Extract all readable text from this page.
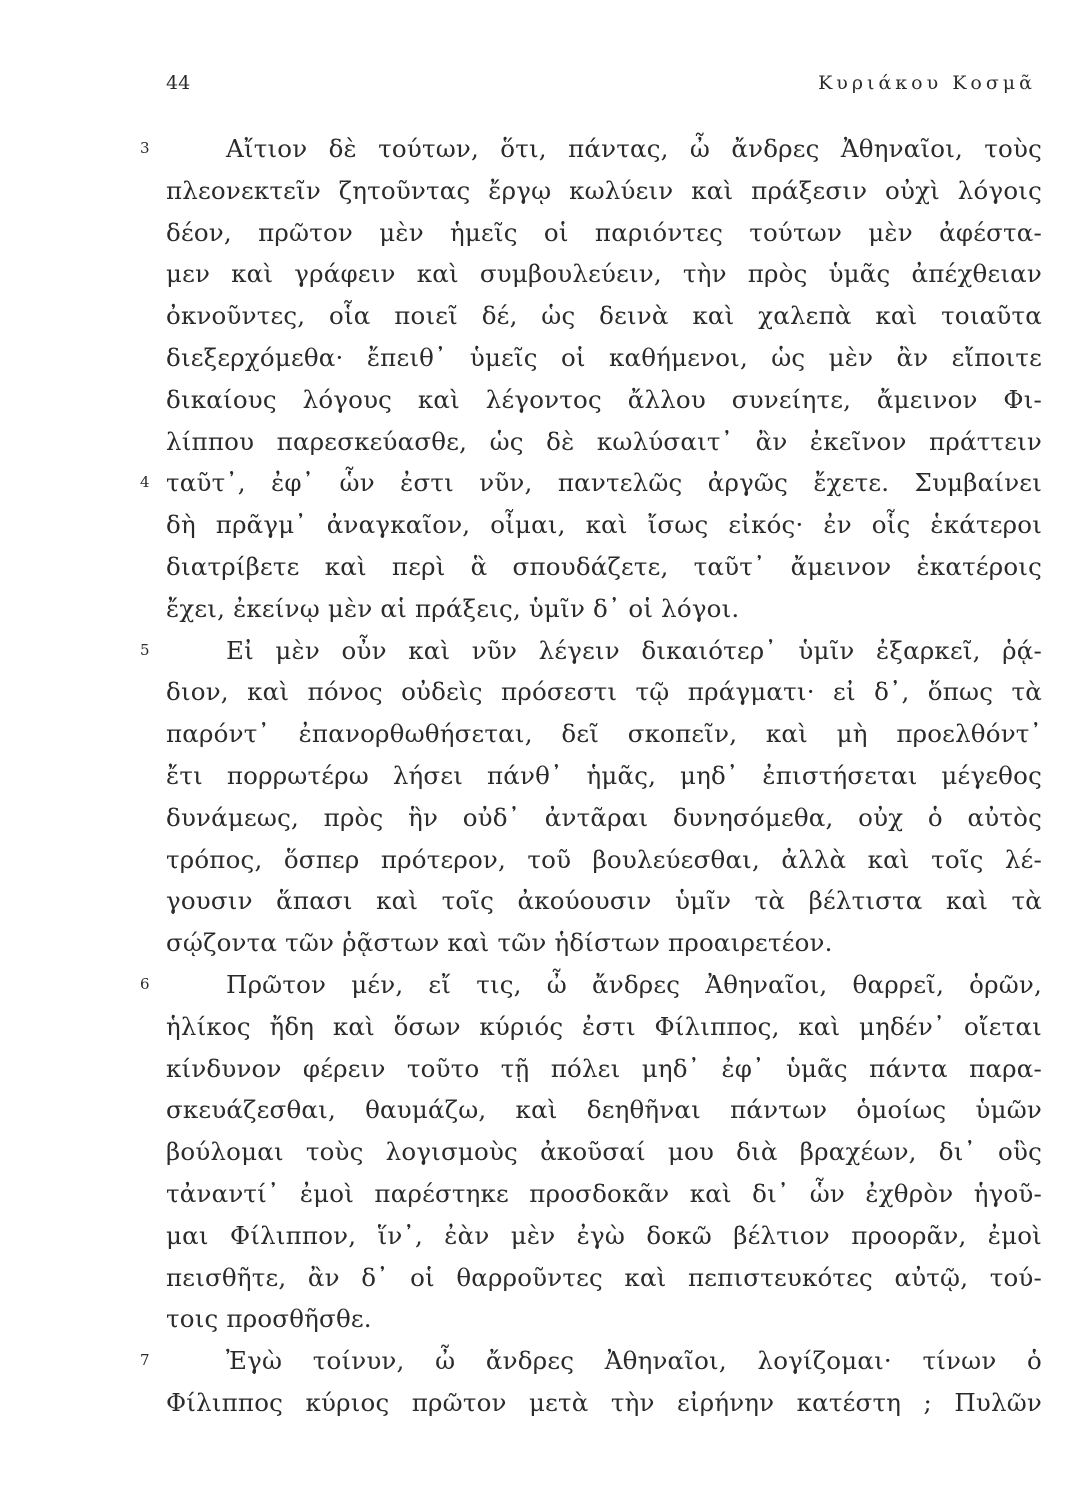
44	Κυριάκου Κοσμᾶ
3	Αἴτιον δὲ τούτων, ὅτι, πάντας, ὦ ἄνδρες Ἀθηναῖοι, τοὺς
πλεονεκτεῖν ζητοῦντας ἔργῳ κωλύειν καὶ πράξεσιν οὐχὶ λόγοις
δέον, πρῶτον μὲν ἡμεῖς οἱ παριόντες τούτων μὲν ἀφέστα-
μεν καὶ γράφειν καὶ συμβουλεύειν, τὴν πρὸς ὑμᾶς ἀπέχθειαν
ὀκνοῦντες, οἷα ποιεῖ δέ, ὡς δεινὰ καὶ χαλεπὰ καὶ τοιαῦτα
διεξερχόμεθα· ἔπειθ᾽ ὑμεῖς οἱ καθήμενοι, ὡς μὲν ἂν εἴποιτε
δικαίους λόγους καὶ λέγοντος ἄλλου συνείητε, ἄμεινον Φι-
λίππου παρεσκεύασθε, ὡς δὲ κωλύσαιτ᾽ ἂν ἐκεῖνον πράττειν
4 ταῦτ᾽, ἐφ᾽ ὧν ἐστι νῦν, παντελῶς ἀργῶς ἔχετε. Συμβαίνει
δὴ πρᾶγμ᾽ ἀναγκαῖον, οἶμαι, καὶ ἴσως εἰκός· ἐν οἷς ἑκάτεροι
διατρίβετε καὶ περὶ ἃ σπουδάζετε, ταῦτ᾽ ἄμεινον ἑκατέροις
ἔχει, ἐκείνῳ μὲν αἱ πράξεις, ὑμῖν δ᾽ οἱ λόγοι.
5	Εἰ μὲν οὖν καὶ νῦν λέγειν δικαιότερ᾽ ὑμῖν ἐξαρκεῖ, ῥᾴ-
διον, καὶ πόνος οὐδεὶς πρόσεστι τῷ πράγματι· εἰ δ᾽, ὅπως τὰ
παρόντ᾽ ἐπανορθωθήσεται, δεῖ σκοπεῖν, καὶ μὴ προελθόντ᾽
ἔτι πορρωτέρω λήσει πάνθ᾽ ἡμᾶς, μηδ᾽ ἐπιστήσεται μέγεθος
δυνάμεως, πρὸς ἣν οὐδ᾽ ἀντᾶραι δυνησόμεθα, οὐχ ὁ αὐτὸς
τρόπος, ὅσπερ πρότερον, τοῦ βουλεύεσθαι, ἀλλὰ καὶ τοῖς λέ-
γουσιν ἅπασι καὶ τοῖς ἀκούουσιν ὑμῖν τὰ βέλτιστα καὶ τὰ
σῴζοντα τῶν ῥᾷστων καὶ τῶν ἡδίστων προαιρετέον.
6	Πρῶτον μέν, εἴ τις, ὦ ἄνδρες Ἀθηναῖοι, θαρρεῖ, ὁρῶν,
ἡλίκος ἤδη καὶ ὅσων κύριός ἐστι Φίλιππος, καὶ μηδέν᾽ οἴεται
κίνδυνον φέρειν τοῦτο τῇ πόλει μηδ᾽ ἐφ᾽ ὑμᾶς πάντα παρα-
σκευάζεσθαι, θαυμάζω, καὶ δεηθῆναι πάντων ὁμοίως ὑμῶν
βούλομαι τοὺς λογισμοὺς ἀκοῦσαί μου διὰ βραχέων, δι᾽ οὓς
τἀναντί᾽ ἐμοὶ παρέστηκε προσδοκᾶν καὶ δι᾽ ὧν ἐχθρὸν ἡγοῦ-
μαι Φίλιππον, ἵν᾽, ἐὰν μὲν ἐγὼ δοκῶ βέλτιον προορᾶν, ἐμοὶ
πεισθῆτε, ἂν δ᾽ οἱ θαρροῦντες καὶ πεπιστευκότες αὐτῷ, τού-
τοις προσθῆσθε.
7	Ἐγὼ τοίνυν, ὦ ἄνδρες Ἀθηναῖοι, λογίζομαι· τίνων ὁ
Φίλιππος κύριος πρῶτον μετὰ τὴν εἰρήνην κατέστη ; Πυλῶν
